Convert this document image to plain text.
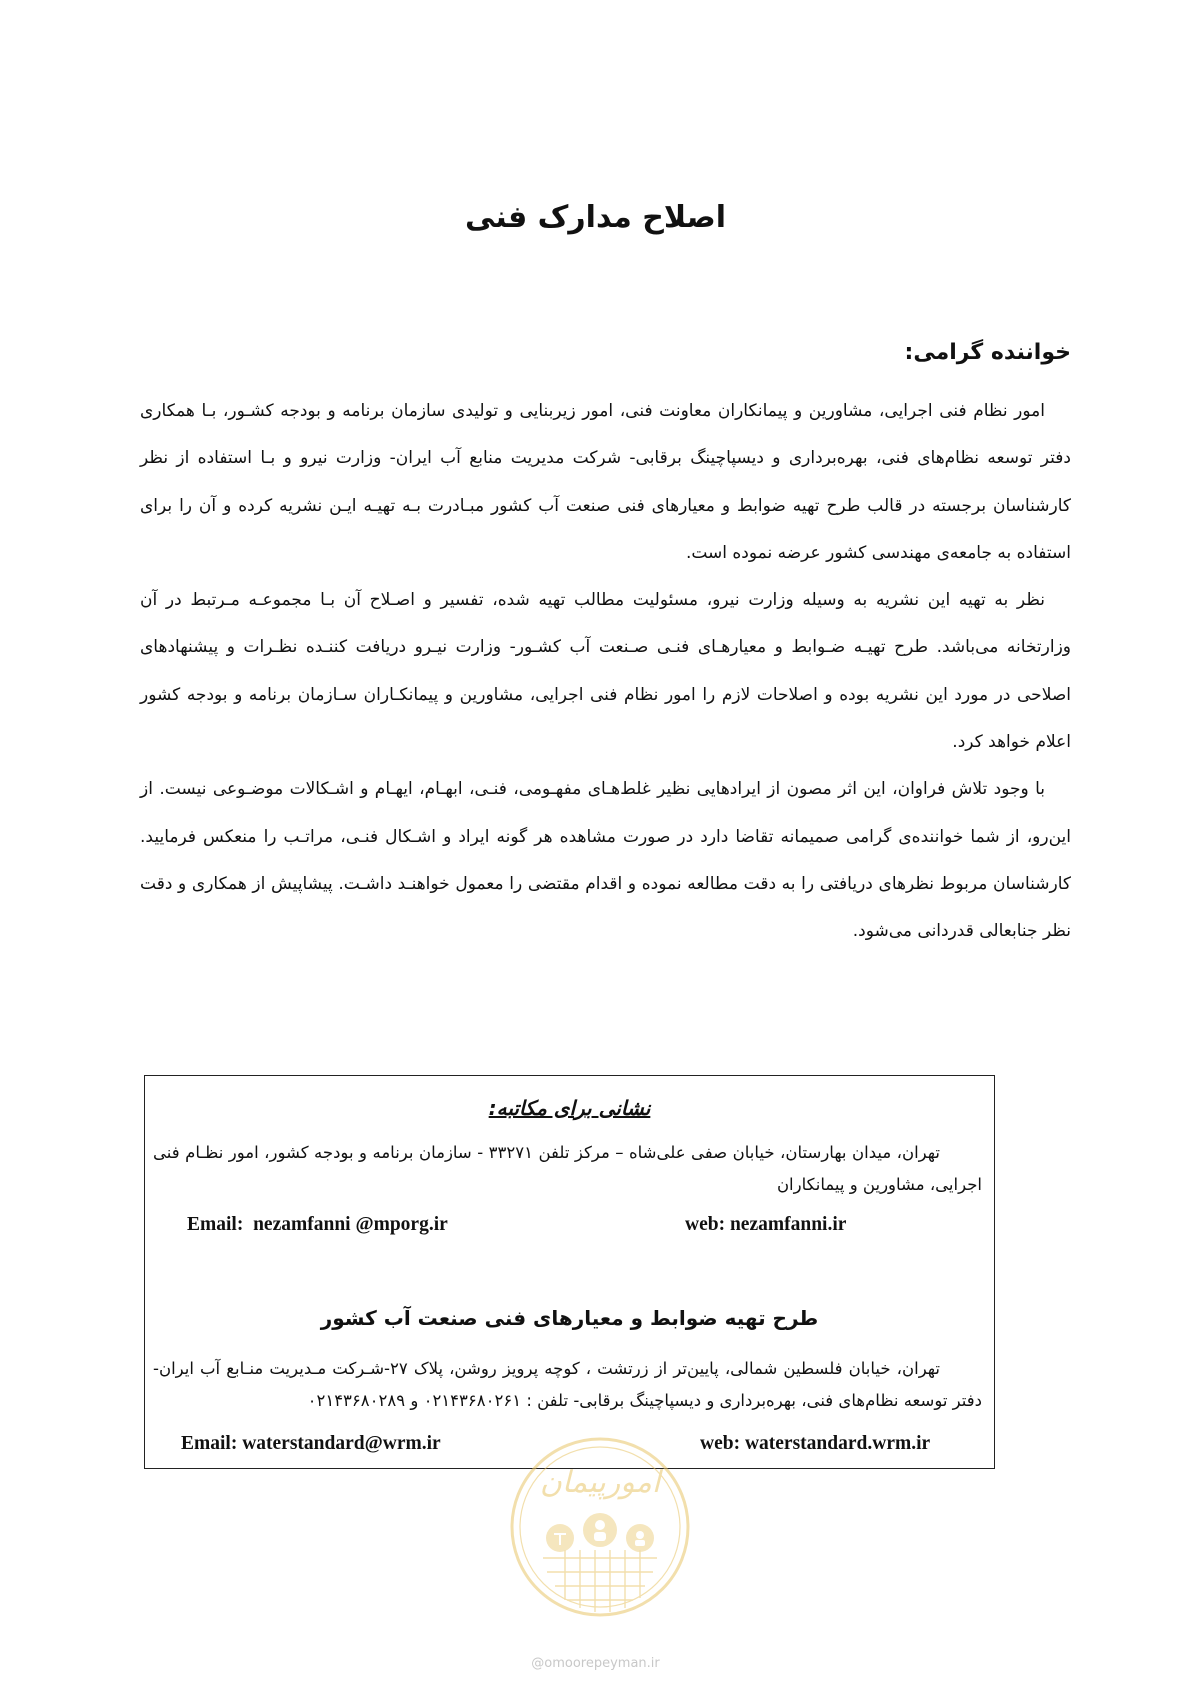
اصلاح مدارک فنی
خواننده گرامی:

امور نظام فنی اجرایی، مشاورین و پیمانکاران معاونت فنی، امور زیربنایی و تولیدی سازمان برنامه و بودجه کشـور، بـا همکاری دفتر توسعه نظام‌های فنی، بهره‌برداری و دیسپاچینگ برقابی- شرکت مدیریت منابع آب ایران- وزارت نیرو و بـا استفاده از نظر کارشناسان برجسته در قالب طرح تهیه ضوابط و معیارهای فنی صنعت آب کشور مبـادرت بـه تهیـه ایـن نشریه کرده و آن را برای استفاده به جامعه‌ی مهندسی کشور عرضه نموده است.

نظر به تهیه این نشریه به وسیله وزارت نیرو، مسئولیت مطالب تهیه شده، تفسیر و اصـلاح آن بـا مجموعـه مـرتبط در آن وزارتخانه می‌باشد. طرح تهیـه ضـوابط و معیارهـای فنـی صـنعت آب کشـور- وزارت نیـرو دریافت کننـده نظـرات و پیشنهادهای اصلاحی در مورد این نشریه بوده و اصلاحات لازم را امور نظام فنی اجرایی، مشاورین و پیمانکـاران سـازمان برنامه و بودجه کشور اعلام خواهد کرد.

با وجود تلاش فراوان، این اثر مصون از ایرادهایی نظیر غلط‌هـای مفهـومی، فنـی، ابهـام، ایهـام و اشـکالات موضـوعی نیست. از این‌رو، از شما خواننده‌ی گرامی صمیمانه تقاضا دارد در صورت مشاهده هر گونه ایراد و اشـکال فنـی، مراتـب را منعکس فرمایید. کارشناسان مربوط نظرهای دریافتی را به دقت مطالعه نموده و اقدام مقتضی را معمول خواهنـد داشـت. پیشاپیش از همکاری و دقت نظر جنابعالی قدردانی می‌شود.

نشانی برای مکاتبه:
تهران، میدان بهارستان، خیابان صفی علی‌شاه – مرکز تلفن ۳۳۲۷۱ - سازمان برنامه و بودجه کشور، امور نظـام فنی اجرایی، مشاورین و پیمانکاران
Email:  nezamfanni @mporg.ir	web: nezamfanni.ir
طرح تهیه ضوابط و معیارهای فنی صنعت آب کشور
تهران، خیابان فلسطین شمالی، پایین‌تر از زرتشت ، کوچه پرویز روشن، پلاک ۲۷-شـرکت مـدیریت منـابع آب ایران- دفتر توسعه نظام‌های فنی، بهره‌برداری و دیسپاچینگ برقابی- تلفن : ۰۲۱۴۳۶۸۰۲۶۱ و ۰۲۱۴۳۶۸۰۲۸۹
Email: waterstandard@wrm.ir	web: waterstandard.wrm.ir
امورپیمان
@omoorepeyman.ir
